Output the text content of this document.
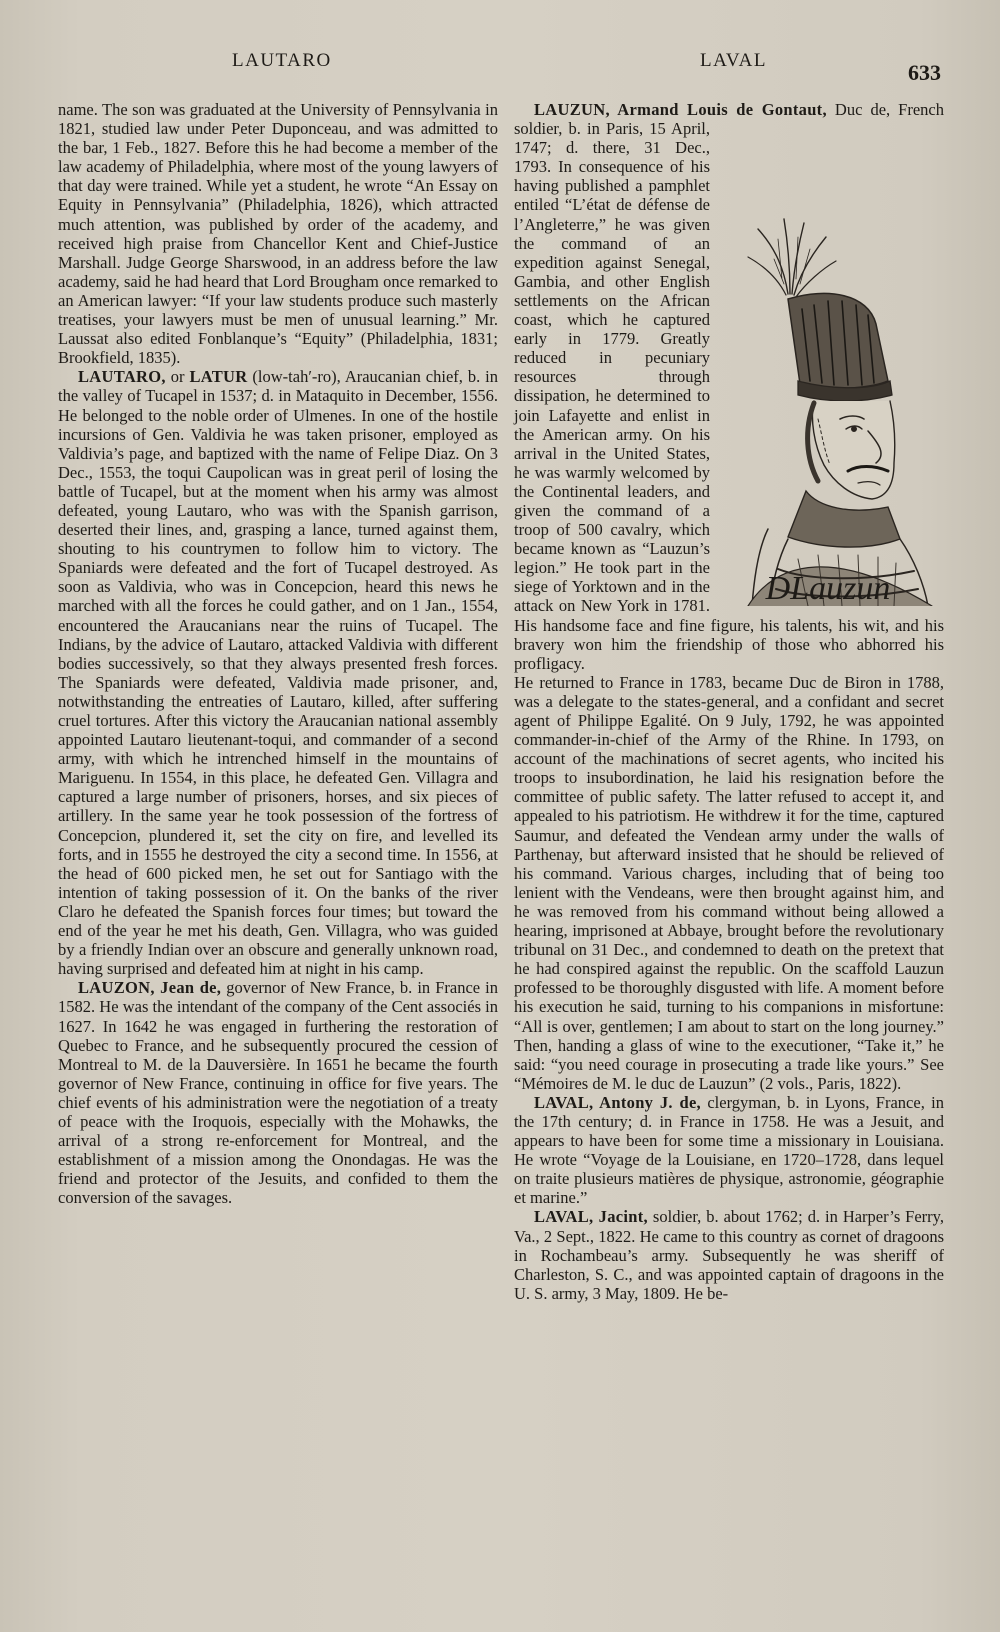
LAUTARO	LAVAL	633

name. The son was graduated at the University of Pennsylvania in 1821, studied law under Peter Duponceau, and was admitted to the bar, 1 Feb., 1827. Before this he had become a member of the law academy of Philadelphia, where most of the young lawyers of that day were trained. While yet a student, he wrote “An Essay on Equity in Pennsylvania” (Philadelphia, 1826), which attracted much attention, was published by order of the academy, and received high praise from Chancellor Kent and Chief-Justice Marshall. Judge George Sharswood, in an address before the law academy, said he had heard that Lord Brougham once remarked to an American lawyer: “If your law students produce such masterly treatises, your lawyers must be men of unusual learning.” Mr. Laussat also edited Fonblanque’s “Equity” (Philadelphia, 1831; Brookfield, 1835).

LAUTARO, or LATUR (low-tah′-ro), Araucanian chief, b. in the valley of Tucapel in 1537; d. in Mataquito in December, 1556. He belonged to the noble order of Ulmenes. In one of the hostile incursions of Gen. Valdivia he was taken prisoner, employed as Valdivia’s page, and baptized with the name of Felipe Diaz. On 3 Dec., 1553, the toqui Caupolican was in great peril of losing the battle of Tucapel, but at the moment when his army was almost defeated, young Lautaro, who was with the Spanish garrison, deserted their lines, and, grasping a lance, turned against them, shouting to his countrymen to follow him to victory. The Spaniards were defeated and the fort of Tucapel destroyed. As soon as Valdivia, who was in Concepcion, heard this news he marched with all the forces he could gather, and on 1 Jan., 1554, encountered the Araucanians near the ruins of Tucapel. The Indians, by the advice of Lautaro, attacked Valdivia with different bodies successively, so that they always presented fresh forces. The Spaniards were defeated, Valdivia made prisoner, and, notwithstanding the entreaties of Lautaro, killed, after suffering cruel tortures. After this victory the Araucanian national assembly appointed Lautaro lieutenant-toqui, and commander of a second army, with which he intrenched himself in the mountains of Mariguenu. In 1554, in this place, he defeated Gen. Villagra and captured a large number of prisoners, horses, and six pieces of artillery. In the same year he took possession of the fortress of Concepcion, plundered it, set the city on fire, and levelled its forts, and in 1555 he destroyed the city a second time. In 1556, at the head of 600 picked men, he set out for Santiago with the intention of taking possession of it. On the banks of the river Claro he defeated the Spanish forces four times; but toward the end of the year he met his death, Gen. Villagra, who was guided by a friendly Indian over an obscure and generally unknown road, having surprised and defeated him at night in his camp.

LAUZON, Jean de, governor of New France, b. in France in 1582. He was the intendant of the company of the Cent associés in 1627. In 1642 he was engaged in furthering the restoration of Quebec to France, and he subsequently procured the cession of Montreal to M. de la Dauversière. In 1651 he became the fourth governor of New France, continuing in office for five years. The chief events of his administration were the negotiation of a treaty of peace with the Iroquois, especially with the Mohawks, the arrival of a strong re-enforcement for Montreal, and the establishment of a mission among the Onondagas. He was the friend and protector of the Jesuits, and confided to them the conversion of the savages.

LAUZUN, Armand Louis de Gontaut,
DLauzun
Duc de, French soldier, b. in Paris, 15 April, 1747; d. there, 31 Dec., 1793. In consequence of his having published a pamphlet entiled “L’état de défense de l’Angleterre,” he was given the command of an expedition against Senegal, Gambia, and other English settlements on the African coast, which he captured early in 1779. Greatly reduced in pecuniary resources through dissipation, he determined to join Lafayette and enlist in the American army. On his arrival in the United States, he was warmly welcomed by the Continental leaders, and given the command of a troop of 500 cavalry, which became known as “Lauzun’s legion.” He took part in the siege of Yorktown and in the attack on New York in 1781. His handsome face and fine figure, his talents, his wit, and his bravery won him the friendship of those who abhorred his profligacy.

He returned to France in 1783, became Duc de Biron in 1788, was a delegate to the states-general, and a confidant and secret agent of Philippe Egalité. On 9 July, 1792, he was appointed commander-in-chief of the Army of the Rhine. In 1793, on account of the machinations of secret agents, who incited his troops to insubordination, he laid his resignation before the committee of public safety. The latter refused to accept it, and appealed to his patriotism. He withdrew it for the time, captured Saumur, and defeated the Vendean army under the walls of Parthenay, but afterward insisted that he should be relieved of his command. Various charges, including that of being too lenient with the Vendeans, were then brought against him, and he was removed from his command without being allowed a hearing, imprisoned at Abbaye, brought before the revolutionary tribunal on 31 Dec., and condemned to death on the pretext that he had conspired against the republic. On the scaffold Lauzun professed to be thoroughly disgusted with life. A moment before his execution he said, turning to his companions in misfortune: “All is over, gentlemen; I am about to start on the long journey.” Then, handing a glass of wine to the executioner, “Take it,” he said: “you need courage in prosecuting a trade like yours.” See “Mémoires de M. le duc de Lauzun” (2 vols., Paris, 1822).

LAVAL, Antony J. de, clergyman, b. in Lyons, France, in the 17th century; d. in France in 1758. He was a Jesuit, and appears to have been for some time a missionary in Louisiana. He wrote “Voyage de la Louisiane, en 1720–1728, dans lequel on traite plusieurs matières de physique, astronomie, géographie et marine.”

LAVAL, Jacint, soldier, b. about 1762; d. in Harper’s Ferry, Va., 2 Sept., 1822. He came to this country as cornet of dragoons in Rochambeau’s army. Subsequently he was sheriff of Charleston, S. C., and was appointed captain of dragoons in the U. S. army, 3 May, 1809. He be-
